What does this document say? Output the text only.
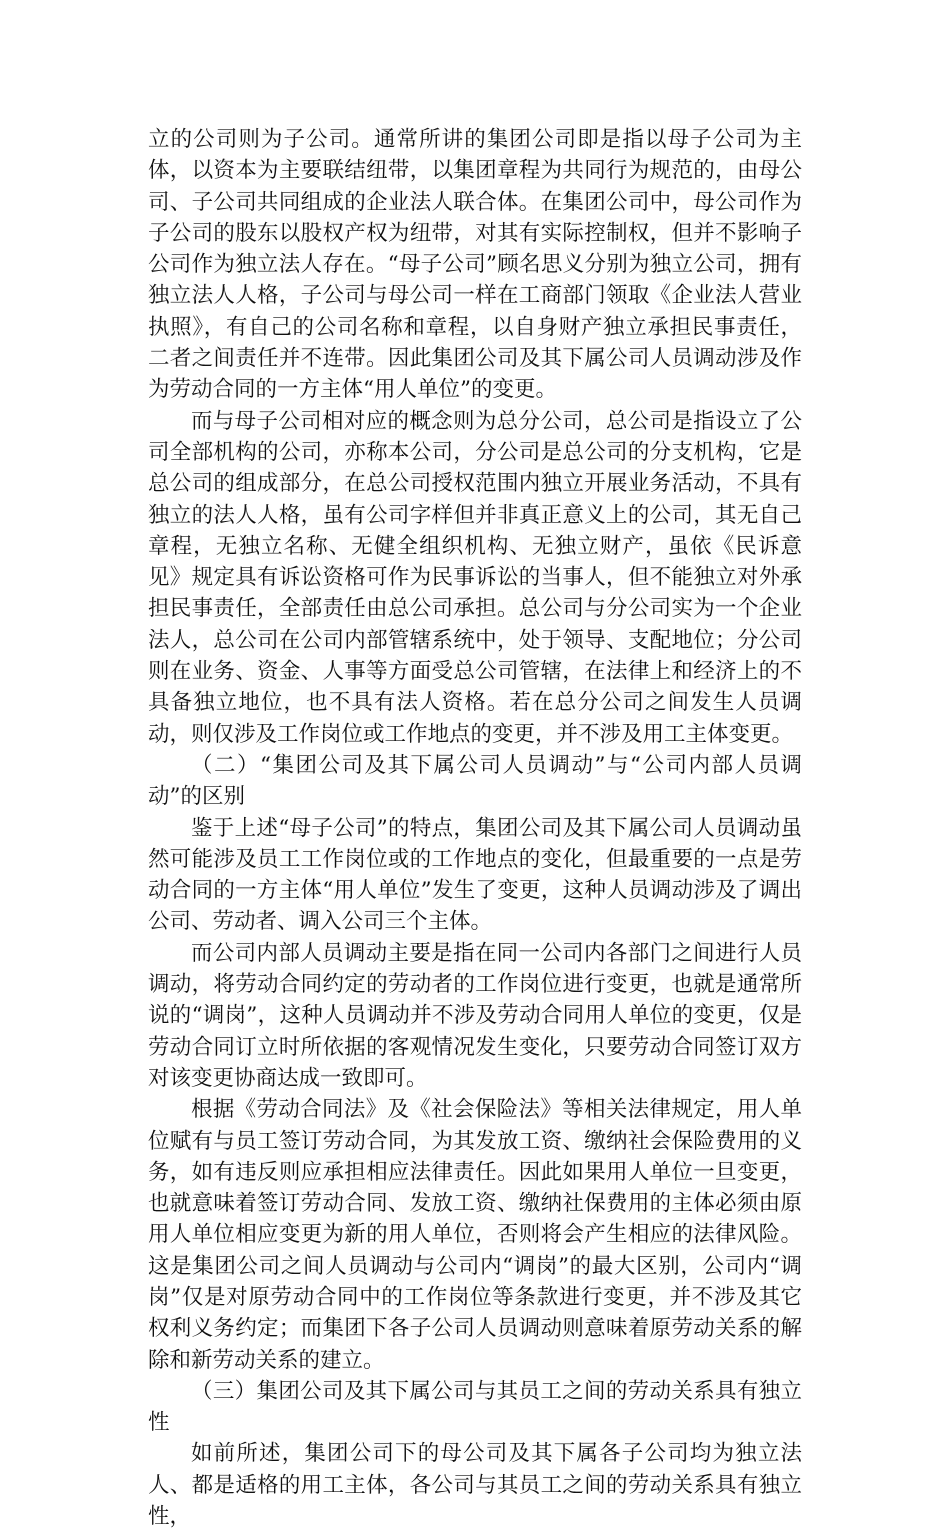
立的公司则为子公司。通常所讲的集团公司即是指以母子公司为主体，以资本为主要联结纽带，以集团章程为共同行为规范的，由母公司、子公司共同组成的企业法人联合体。在集团公司中，母公司作为子公司的股东以股权产权为纽带，对其有实际控制权，但并不影响子公司作为独立法人存在。“母子公司”顾名思义分别为独立公司，拥有独立法人人格，子公司与母公司一样在工商部门领取《企业法人营业执照》，有自己的公司名称和章程，以自身财产独立承担民事责任，二者之间责任并不连带。因此集团公司及其下属公司人员调动涉及作为劳动合同的一方主体“用人单位”的变更。

而与母子公司相对应的概念则为总分公司，总公司是指设立了公司全部机构的公司，亦称本公司，分公司是总公司的分支机构，它是总公司的组成部分，在总公司授权范围内独立开展业务活动，不具有独立的法人人格，虽有公司字样但并非真正意义上的公司，其无自己章程，无独立名称、无健全组织机构、无独立财产，虽依《民诉意见》规定具有诉讼资格可作为民事诉讼的当事人，但不能独立对外承担民事责任，全部责任由总公司承担。总公司与分公司实为一个企业法人，总公司在公司内部管辖系统中，处于领导、支配地位；分公司则在业务、资金、人事等方面受总公司管辖，在法律上和经济上的不具备独立地位，也不具有法人资格。若在总分公司之间发生人员调动，则仅涉及工作岗位或工作地点的变更，并不涉及用工主体变更。

（二）“集团公司及其下属公司人员调动”与“公司内部人员调动”的区别

鉴于上述“母子公司”的特点，集团公司及其下属公司人员调动虽然可能涉及员工工作岗位或的工作地点的变化，但最重要的一点是劳动合同的一方主体“用人单位”发生了变更，这种人员调动涉及了调出公司、劳动者、调入公司三个主体。

而公司内部人员调动主要是指在同一公司内各部门之间进行人员调动，将劳动合同约定的劳动者的工作岗位进行变更，也就是通常所说的“调岗”，这种人员调动并不涉及劳动合同用人单位的变更，仅是劳动合同订立时所依据的客观情况发生变化，只要劳动合同签订双方对该变更协商达成一致即可。

根据《劳动合同法》及《社会保险法》等相关法律规定，用人单位赋有与员工签订劳动合同，为其发放工资、缴纳社会保险费用的义务，如有违反则应承担相应法律责任。因此如果用人单位一旦变更，也就意味着签订劳动合同、发放工资、缴纳社保费用的主体必须由原用人单位相应变更为新的用人单位，否则将会产生相应的法律风险。这是集团公司之间人员调动与公司内“调岗”的最大区别，公司内“调岗”仅是对原劳动合同中的工作岗位等条款进行变更，并不涉及其它权利义务约定；而集团下各子公司人员调动则意味着原劳动关系的解除和新劳动关系的建立。

（三）集团公司及其下属公司与其员工之间的劳动关系具有独立性

如前所述，集团公司下的母公司及其下属各子公司均为独立法人、都是适格的用工主体，各公司与其员工之间的劳动关系具有独立性，
